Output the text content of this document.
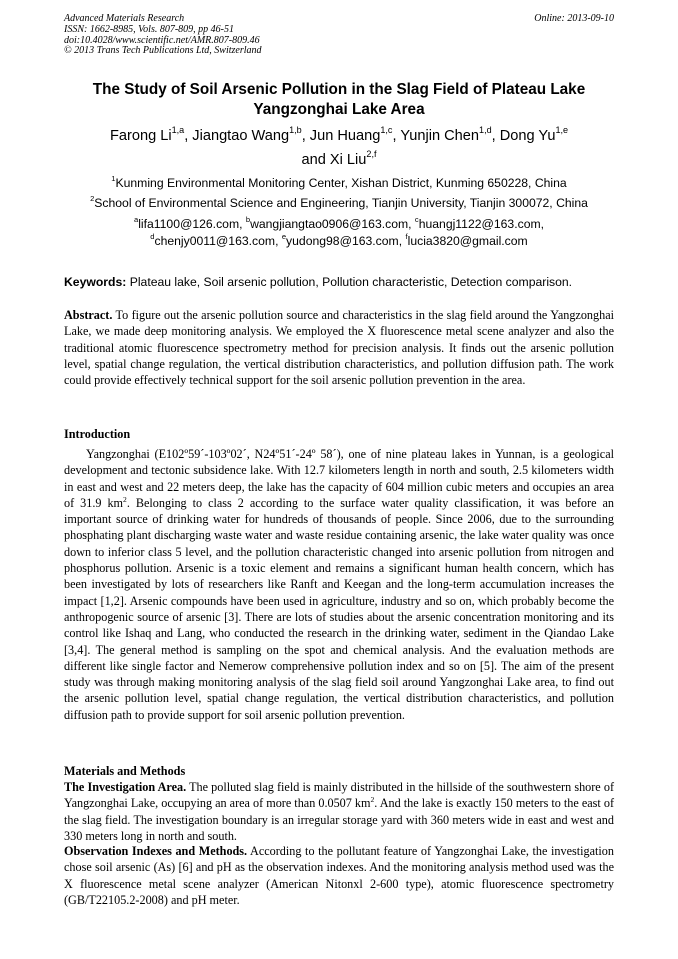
Advanced Materials Research
ISSN: 1662-8985, Vols. 807-809, pp 46-51
doi:10.4028/www.scientific.net/AMR.807-809.46
© 2013 Trans Tech Publications Ltd, Switzerland
Online: 2013-09-10
The Study of Soil Arsenic Pollution in the Slag Field of Plateau Lake Yangzonghai Lake Area
Farong Li$^{1,a}$, Jiangtao Wang$^{1,b}$, Jun Huang$^{1,c}$, Yunjin Chen$^{1,d}$, Dong Yu$^{1,e}$
and Xi Liu$^{2,f}$
$^1$Kunming Environmental Monitoring Center, Xishan District, Kunming 650228, China
$^2$School of Environmental Science and Engineering, Tianjin University, Tianjin 300072, China
$^a$lifa1100@126.com, $^b$wangjiangtao0906@163.com, $^c$huangj1122@163.com,
$^d$chenjy0011@163.com, $^e$yudong98@163.com, $^f$lucia3820@gmail.com
Keywords: Plateau lake, Soil arsenic pollution, Pollution characteristic, Detection comparison.
Abstract. To figure out the arsenic pollution source and characteristics in the slag field around the Yangzonghai Lake, we made deep monitoring analysis. We employed the X fluorescence metal scene analyzer and also the traditional atomic fluorescence spectrometry method for precision analysis. It finds out the arsenic pollution level, spatial change regulation, the vertical distribution characteristics, and pollution diffusion path. The work could provide effectively technical support for the soil arsenic pollution prevention in the area.
Introduction
Yangzonghai (E102º59´-103º02´, N24º51´-24º 58´), one of nine plateau lakes in Yunnan, is a geological development and tectonic subsidence lake. With 12.7 kilometers length in north and south, 2.5 kilometers width in east and west and 22 meters deep, the lake has the capacity of 604 million cubic meters and occupies an area of 31.9 $km^2$. Belonging to class 2 according to the surface water quality classification, it was before an important source of drinking water for hundreds of thousands of people. Since 2006, due to the surrounding phosphating plant discharging waste water and waste residue containing arsenic, the lake water quality was once down to inferior class 5 level, and the pollution characteristic changed into arsenic pollution from nitrogen and phosphorus pollution. Arsenic is a toxic element and remains a significant human health concern, which has been investigated by lots of researchers like Ranft and Keegan and the long-term accumulation increases the impact [1,2]. Arsenic compounds have been used in agriculture, industry and so on, which probably become the anthropogenic source of arsenic [3]. There are lots of studies about the arsenic concentration monitoring and its control like Ishaq and Lang, who conducted the research in the drinking water, sediment in the Qiandao Lake [3,4]. The general method is sampling on the spot and chemical analysis. And the evaluation methods are different like single factor and Nemerow comprehensive pollution index and so on [5]. The aim of the present study was through making monitoring analysis of the slag field soil around Yangzonghai Lake area, to find out the arsenic pollution level, spatial change regulation, the vertical distribution characteristics, and pollution diffusion path to provide support for soil arsenic pollution prevention.
Materials and Methods
The Investigation Area. The polluted slag field is mainly distributed in the hillside of the southwestern shore of Yangzonghai Lake, occupying an area of more than 0.0507 $km^2$. And the lake is exactly 150 meters to the east of the slag field. The investigation boundary is an irregular storage yard with 360 meters wide in east and west and 330 meters long in north and south.
Observation Indexes and Methods. According to the pollutant feature of Yangzonghai Lake, the investigation chose soil arsenic (As) [6] and pH as the observation indexes. And the monitoring analysis method used was the X fluorescence metal scene analyzer (American Nitonxl 2-600 type), atomic fluorescence spectrometry (GB/T22105.2-2008) and pH meter.
